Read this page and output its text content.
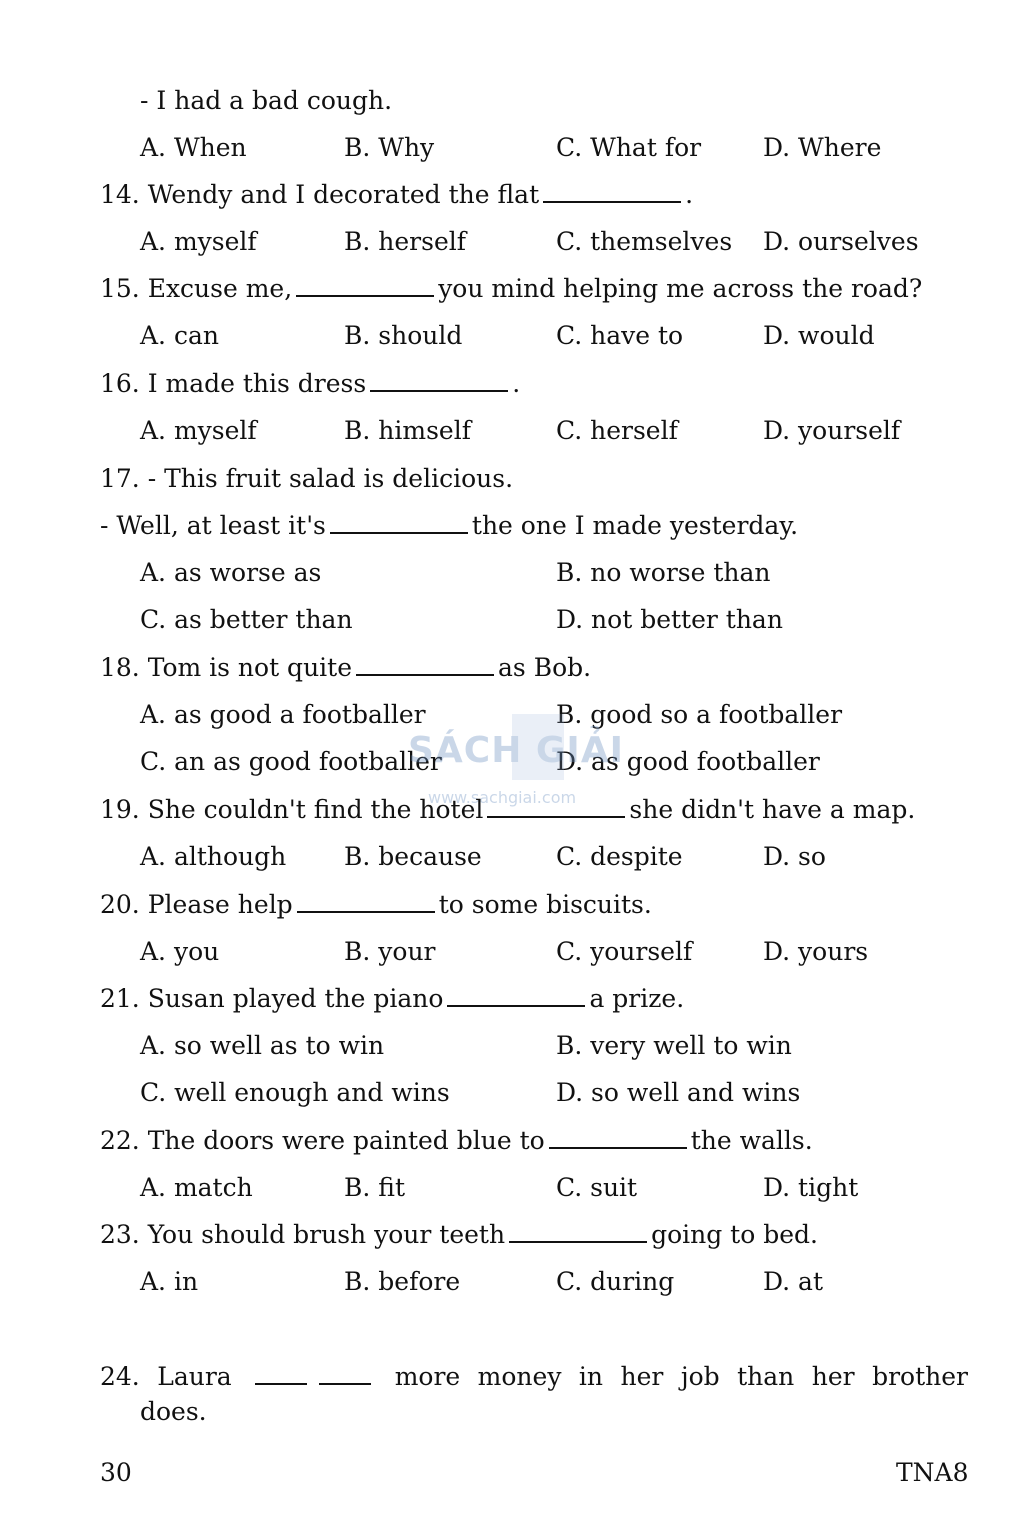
- I had a bad cough.
A. When	B. Why	C. What for D. Where
14. Wendy and I decorated the flat	.
A. myself	B. herself	C. themselves D. ourselves
15. Excuse me,	you mind helping me across the road?
A. can	B. should	C. have to	D. would
16. I made this dress	.
A. myself	B. himself	C. herself	D. yourself
17. - This fruit salad is delicious.
- Well, at least it's	the one I made yesterday.
A. as worse as	B. no worse than
C. as better than	D. not better than
18. Tom is not quite	as Bob.
A. as good a footballer	B. good so a footballer
C. an as good footballer	D. as good footballer
SÁCH GIẢI
www.sachgiai.com
19. She couldn't find the hotel	she didn't have a map.
A. although B. because	C. despite	D. so
20. Please help	to some biscuits.
A. you	B. your	C. yourself	D. yours
21. Susan played the piano	a prize.
A. so well as to win	B. very well to win
C. well enough and wins	D. so well and wins
22. The doors were painted blue to	the walls.
A. match	B. fit	C. suit	D. tight
23. You should brush your teeth	going to bed.
A. in	B. before	C. during	D. at
24. Laura	more money in her job than her brother
does.
30	TNA8
